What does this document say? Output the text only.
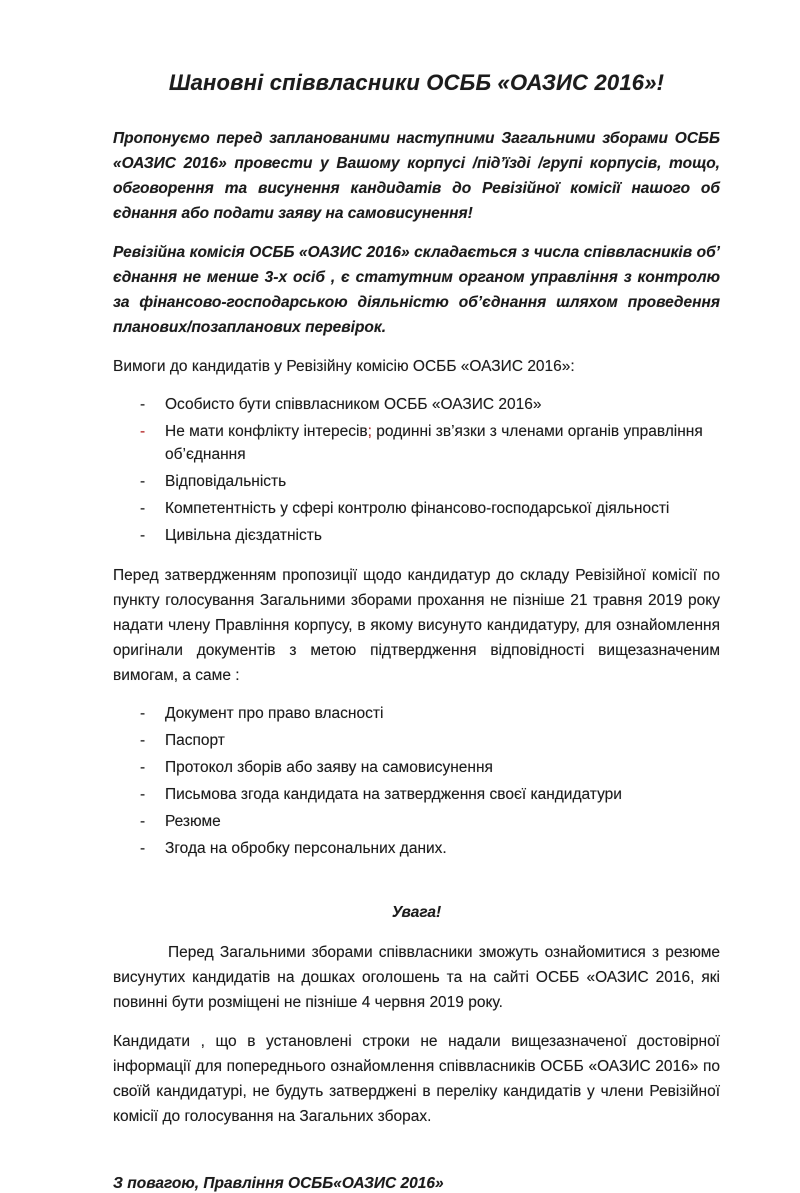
Шановні співвласники ОСББ «ОАЗИС 2016»!

Пропонуємо перед запланованими наступними Загальними зборами ОСББ «ОАЗИС 2016» провести у Вашому корпусі /під’їзді /групі корпусів, тощо, обговорення та висунення кандидатів до Ревізійної комісії нашого об єднання або подати заяву на самовисунення!

Ревізійна комісія ОСББ «ОАЗИС 2016» складається з числа співвласників об’ єднання не менше 3-х осіб , є статутним органом управління з контролю за фінансово-господарською діяльністю об’єднання шляхом проведення планових/позапланових перевірок.

Вимоги до кандидатів у Ревізійну комісію ОСББ «ОАЗИС 2016»:

-	Особисто бути співвласником ОСББ «ОАЗИС 2016»
-	Не мати конфлікту інтересів; родинні зв’язки з членами органів управління об’єднання
-	Відповідальність
-	Компетентність у сфері контролю фінансово-господарської діяльності
-	Цивільна дієздатність

Перед затвердженням пропозиції щодо кандидатур до складу Ревізійної комісії по пункту голосування Загальними зборами прохання не пізніше 21 травня 2019 року надати члену Правління корпусу, в якому висунуто кандидатуру, для ознайомлення оригінали документів з метою підтвердження відповідності вищезазначеним вимогам, а саме :

-	Документ про право власності
-	Паспорт
-	Протокол зборів або заяву на самовисунення
-	Письмова згода кандидата на затвердження своєї кандидатури
-	Резюме
-	Згода на обробку персональних даних.
Увага!

Перед Загальними зборами співвласники зможуть ознайомитися з резюме висунутих кандидатів на дошках оголошень та на сайті ОСББ «ОАЗИС 2016, які повинні бути розміщені не пізніше 4 червня 2019 року.

Кандидати , що в установлені строки не надали вищезазначеної достовірної інформації для попереднього ознайомлення співвласників ОСББ «ОАЗИС 2016» по своїй кандидатурі, не будуть затверджені в переліку кандидатів у члени Ревізійної комісії до голосування на Загальних зборах.

З повагою, Правління ОСББ«ОАЗИС 2016»
